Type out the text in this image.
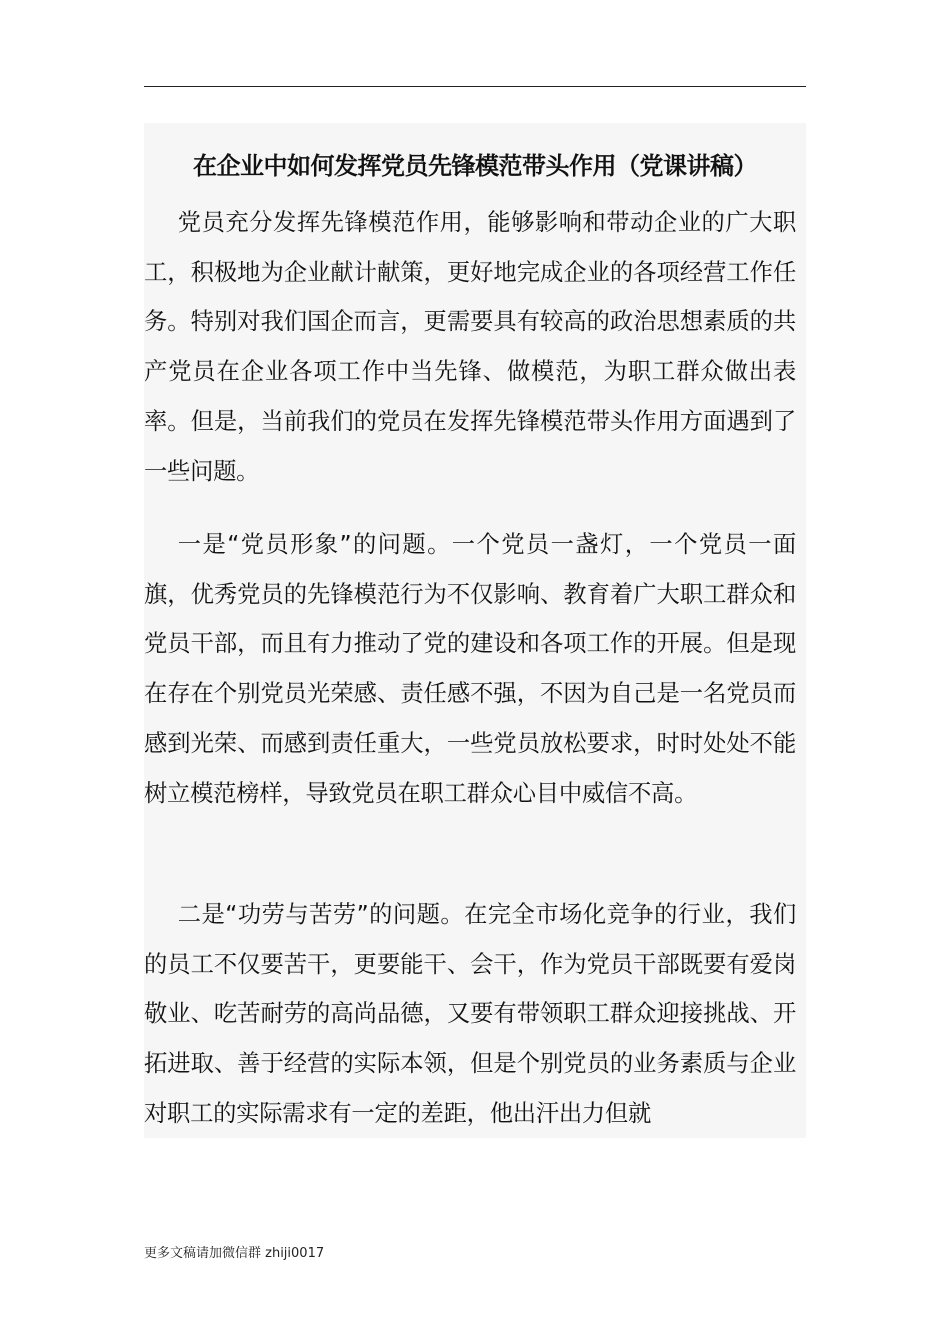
在企业中如何发挥党员先锋模范带头作用（党课讲稿）

党员充分发挥先锋模范作用，能够影响和带动企业的广大职工，积极地为企业献计献策，更好地完成企业的各项经营工作任务。特别对我们国企而言，更需要具有较高的政治思想素质的共产党员在企业各项工作中当先锋、做模范，为职工群众做出表率。但是，当前我们的党员在发挥先锋模范带头作用方面遇到了一些问题。

一是“党员形象”的问题。一个党员一盏灯，一个党员一面旗，优秀党员的先锋模范行为不仅影响、教育着广大职工群众和党员干部，而且有力推动了党的建设和各项工作的开展。但是现在存在个别党员光荣感、责任感不强，不因为自己是一名党员而感到光荣、而感到责任重大，一些党员放松要求，时时处处不能树立模范榜样，导致党员在职工群众心目中威信不高。

二是“功劳与苦劳”的问题。在完全市场化竞争的行业，我们的员工不仅要苦干，更要能干、会干，作为党员干部既要有爱岗敬业、吃苦耐劳的高尚品德，又要有带领职工群众迎接挑战、开拓进取、善于经营的实际本领，但是个别党员的业务素质与企业对职工的实际需求有一定的差距，他出汗出力但就

更多文稿请加微信群 zhiji0017
